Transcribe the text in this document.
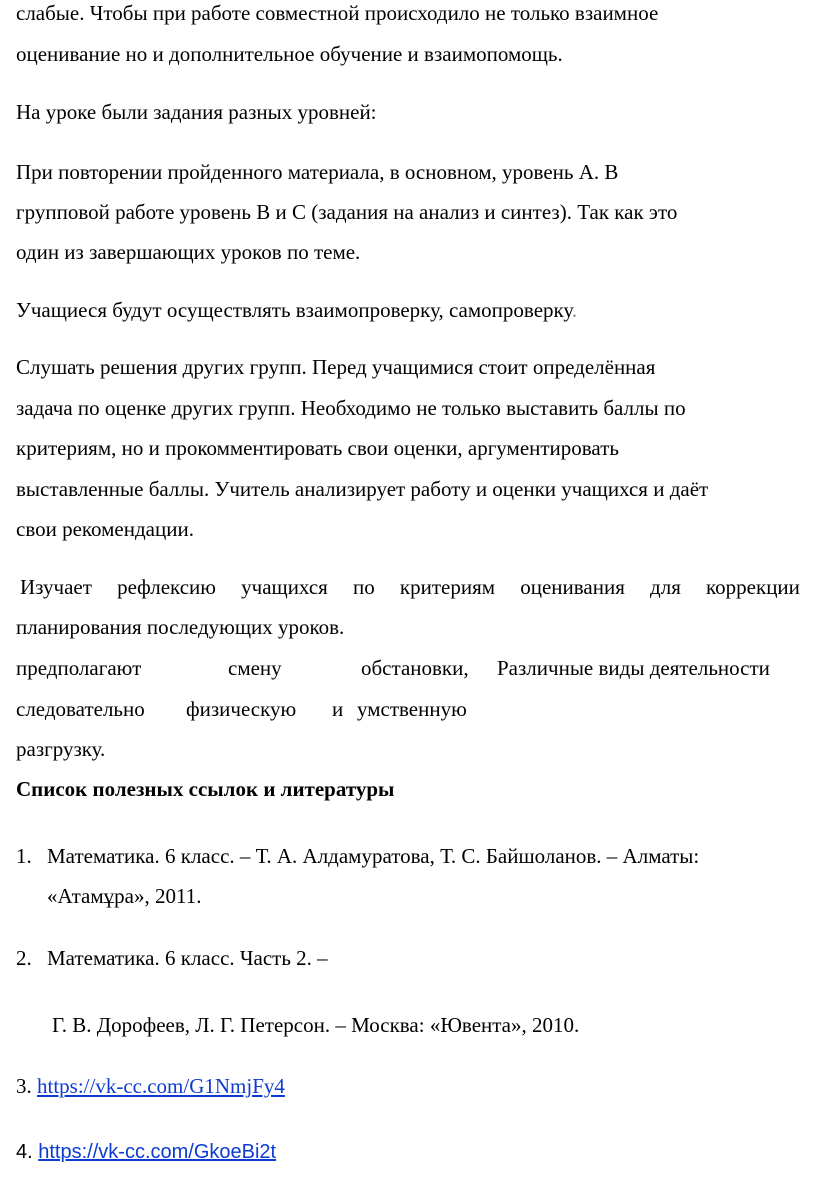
слабые. Чтобы при работе совместной происходило не только взаимное
оценивание но и дополнительное обучение и взаимопомощь.
На уроке были задания разных уровней:
При повторении пройденного материала, в основном, уровень А. В
групповой работе уровень В и С (задания на анализ и синтез). Так как это
один из завершающих уроков по теме.
Учащиеся будут осуществлять взаимопроверку, самопроверку.
Слушать решения других групп. Перед учащимися стоит определённая
задача по оценке других групп. Необходимо не только выставить баллы по
критериям, но и прокомментировать свои оценки, аргументировать
выставленные баллы. Учитель анализирует работу и оценки учащихся и даёт
свои рекомендации.
Изучает рефлексию учащихся по критериям оценивания для коррекции
планирования последующих уроков.
предполагают	смену	обстановки, Различные виды деятельности
следовательно физическую и умственную
разгрузку.
Список полезных ссылок и литературы
1. Математика. 6 класс. – Т. А. Алдамуратова, Т. С. Байшоланов. – Алматы:
«Атамұра», 2011.
2. Математика. 6 класс. Часть 2. –
Г. В. Дорофеев, Л. Г. Петерсон. – Москва: «Ювента», 2010.
3. https://vk-cc.com/G1NmjFy4
4. https://vk-cc.com/GkoeBi2t
